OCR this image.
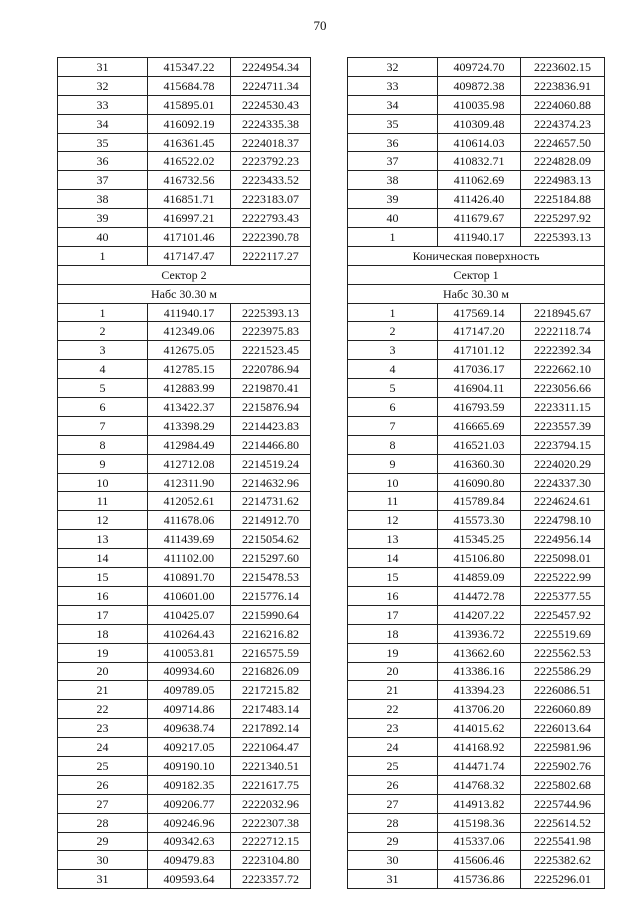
70
31	415347.22	2224954.34
32	415684.78	2224711.34
33	415895.01	2224530.43
34	416092.19	2224335.38
35	416361.45	2224018.37
36	416522.02	2223792.23
37	416732.56	2223433.52
38	416851.71	2223183.07
39	416997.21	2222793.43
40	417101.46	2222390.78
1	417147.47	2222117.27
Сектор 2		
Набс 30.30 м		
1	411940.17	2225393.13
2	412349.06	2223975.83
3	412675.05	2221523.45
4	412785.15	2220786.94
5	412883.99	2219870.41
6	413422.37	2215876.94
7	413398.29	2214423.83
8	412984.49	2214466.80
9	412712.08	2214519.24
10	412311.90	2214632.96
11	412052.61	2214731.62
12	411678.06	2214912.70
13	411439.69	2215054.62
14	411102.00	2215297.60
15	410891.70	2215478.53
16	410601.00	2215776.14
17	410425.07	2215990.64
18	410264.43	2216216.82
19	410053.81	2216575.59
20	409934.60	2216826.09
21	409789.05	2217215.82
22	409714.86	2217483.14
23	409638.74	2217892.14
24	409217.05	2221064.47
25	409190.10	2221340.51
26	409182.35	2221617.75
27	409206.77	2222032.96
28	409246.96	2222307.38
29	409342.63	2222712.15
30	409479.83	2223104.80
31	409593.64	2223357.72
32	409724.70	2223602.15
33	409872.38	2223836.91
34	410035.98	2224060.88
35	410309.48	2224374.23
36	410614.03	2224657.50
37	410832.71	2224828.09
38	411062.69	2224983.13
39	411426.40	2225184.88
40	411679.67	2225297.92
1	411940.17	2225393.13
Коническая поверхность		
Сектор 1		
Набс 30.30 м		
1	417569.14	2218945.67
2	417147.20	2222118.74
3	417101.12	2222392.34
4	417036.17	2222662.10
5	416904.11	2223056.66
6	416793.59	2223311.15
7	416665.69	2223557.39
8	416521.03	2223794.15
9	416360.30	2224020.29
10	416090.80	2224337.30
11	415789.84	2224624.61
12	415573.30	2224798.10
13	415345.25	2224956.14
14	415106.80	2225098.01
15	414859.09	2225222.99
16	414472.78	2225377.55
17	414207.22	2225457.92
18	413936.72	2225519.69
19	413662.60	2225562.53
20	413386.16	2225586.29
21	413394.23	2226086.51
22	413706.20	2226060.89
23	414015.62	2226013.64
24	414168.92	2225981.96
25	414471.74	2225902.76
26	414768.32	2225802.68
27	414913.82	2225744.96
28	415198.36	2225614.52
29	415337.06	2225541.98
30	415606.46	2225382.62
31	415736.86	2225296.01
